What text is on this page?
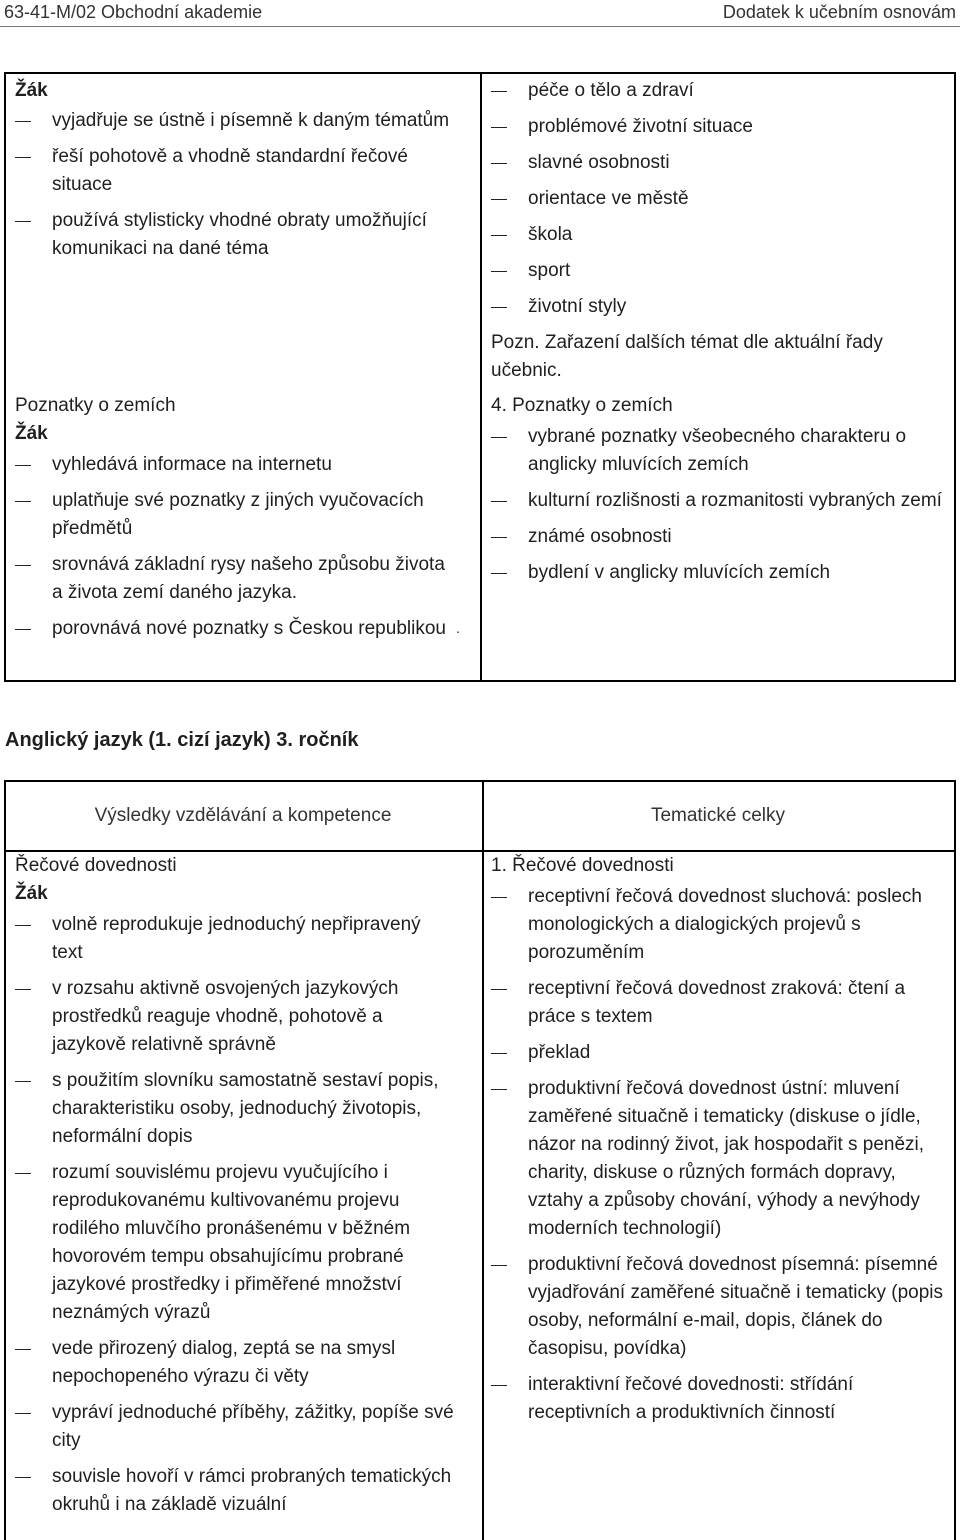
63-41-M/02 Obchodní akademie	Dodatek k učebním osnovám
Žák
vyjadřuje se ústně i písemně k daným tématům
řeší pohotově a vhodně standardní řečové situace
používá stylisticky vhodné obraty umožňující komunikaci na dané téma
Poznatky o zemích
Žák
vyhledává informace na internetu
uplatňuje své poznatky z jiných vyučovacích předmětů
srovnává základní rysy našeho způsobu života a života zemí daného jazyka.
porovnává nové poznatky s Českou republikou .
péče o tělo a zdraví
problémové životní situace
slavné osobnosti
orientace ve městě
škola
sport
životní styly
Pozn. Zařazení dalších témat dle aktuální řady učebnic.
4. Poznatky o zemích
vybrané poznatky všeobecného charakteru o anglicky mluvících zemích
kulturní rozlišnosti a rozmanitosti vybraných zemí
známé osobnosti
bydlení v anglicky mluvících zemích
Anglický jazyk (1. cizí jazyk) 3. ročník
Výsledky vzdělávání a kompetence	Tematické celky
Řečové dovednosti
Žák
volně reprodukuje jednoduchý nepřipravený text
v rozsahu aktivně osvojených jazykových prostředků reaguje vhodně, pohotově a jazykově relativně správně
s použitím slovníku samostatně sestaví popis, charakteristiku osoby, jednoduchý životopis, neformální dopis
rozumí souvislému projevu vyučujícího i reprodukovanému kultivovanému projevu rodilého mluvčího pronášenému v běžném hovorovém tempu obsahujícímu probrané jazykové prostředky i přiměřené množství neznámých výrazů
vede přirozený dialog, zeptá se na smysl nepochopeného výrazu či věty
vypráví jednoduché příběhy, zážitky, popíše své city
souvisle hovoří v rámci probraných tematických okruhů i na základě vizuální
1. Řečové dovednosti
receptivní řečová dovednost sluchová: poslech monologických a dialogických projevů s porozuměním
receptivní řečová dovednost zraková: čtení a práce s textem
překlad
produktivní řečová dovednost ústní: mluvení zaměřené situačně i tematicky (diskuse o jídle, názor na rodinný život, jak hospodařit s penězi, charity, diskuse o různých formách dopravy, vztahy a způsoby chování, výhody a nevýhody moderních technologií)
produktivní řečová dovednost písemná: písemné vyjadřování zaměřené situačně i tematicky (popis osoby, neformální e-mail, dopis, článek do časopisu, povídka)
interaktivní řečové dovednosti: střídání receptivních a produktivních činností
